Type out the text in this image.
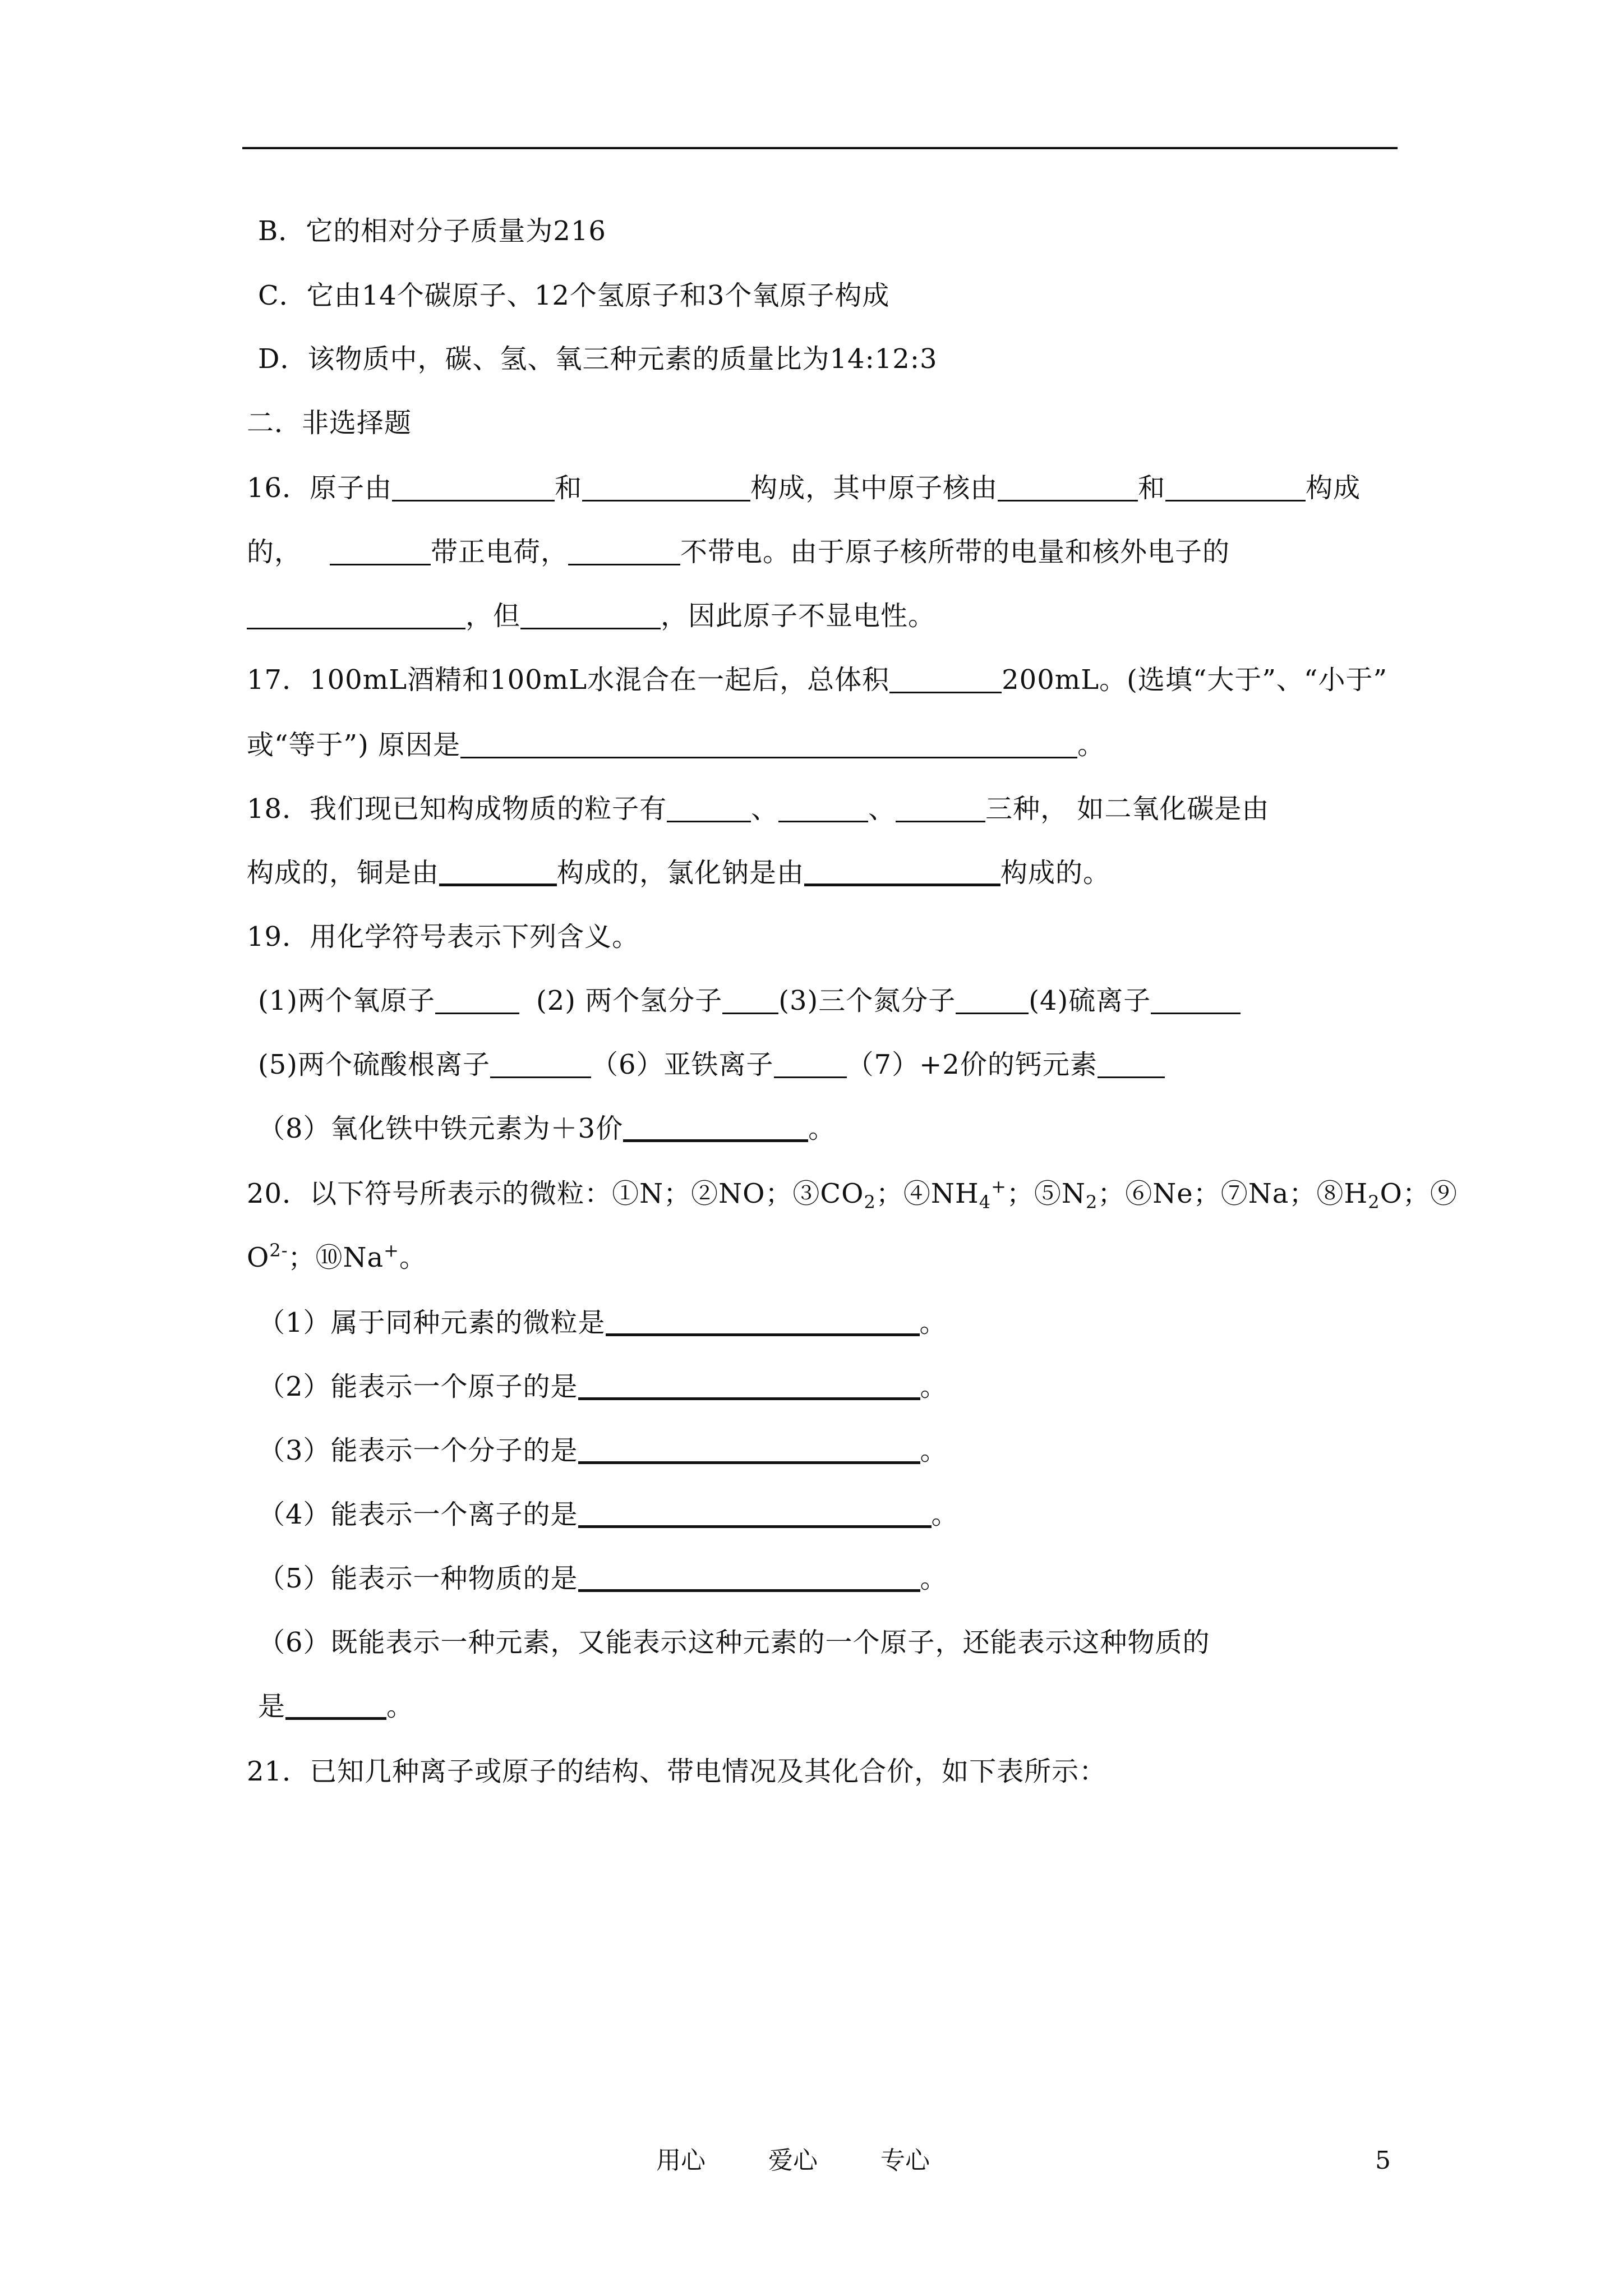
B．它的相对分子质量为216
C．它由14个碳原子、12个氢原子和3个氧原子构成
D．该物质中，碳、氢、氧三种元素的质量比为14:12:3
二．非选择题
16．原子由	和	构成，其中原子核由	和	构成
的，	带正电荷，	不带电。由于原子核所带的电量和核外电子的
，但	，因此原子不显电性。
17．100mL酒精和100mL水混合在一起后，总体积	200mL。(选填“大于”、“小于”
或“等于”) 原因是	。
18．我们现已知构成物质的粒子有	、	、	三种， 如二氧化碳是由
构成的，铜是由	构成的，氯化钠是由	构成的。
19．用化学符号表示下列含义。
(1)两个氧原子	(2) 两个氢分子 (3)三个氮分子	(4)硫离子
(5)两个硫酸根离子	（6）亚铁离子	（7）+2价的钙元素
（8）氧化铁中铁元素为＋3价	。
20．以下符号所表示的微粒：①N；②NO；$③CO_2$；$④NH_4^+$；$⑤N_2$；⑥Ne；⑦Na；$⑧H_2O$；⑨
$O^{2-}$；⑩Na+。
（1）属于同种元素的微粒是	。
（2）能表示一个原子的是	。
（3）能表示一个分子的是	。
（4）能表示一个离子的是	。
（5）能表示一种物质的是	。
（6）既能表示一种元素，又能表示这种元素的一个原子，还能表示这种物质的
是	。
21．已知几种离子或原子的结构、带电情况及其化合价，如下表所示：
用心	爱心	专心	5
